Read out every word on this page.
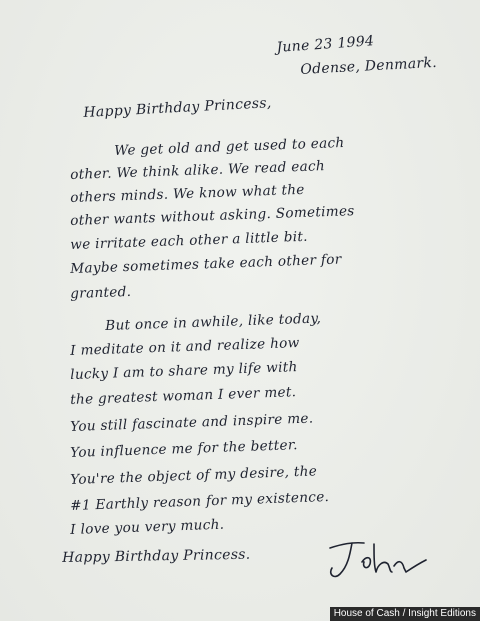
June 23 1994

Odense, Denmark.

Happy Birthday Princess,

We get old and get used to each

other. We think alike. We read each

others minds. We know what the

other wants without asking. Sometimes

we irritate each other a little bit.

Maybe sometimes take each other for

granted.

But once in awhile, like today,

I meditate on it and realize how

lucky I am to share my life with

the greatest woman I ever met.

You still fascinate and inspire me.

You influence me for the better.

You're the object of my desire, the

#1 Earthly reason for my existence.

I love you very much.

Happy Birthday Princess.

House of Cash / Insight Editions
